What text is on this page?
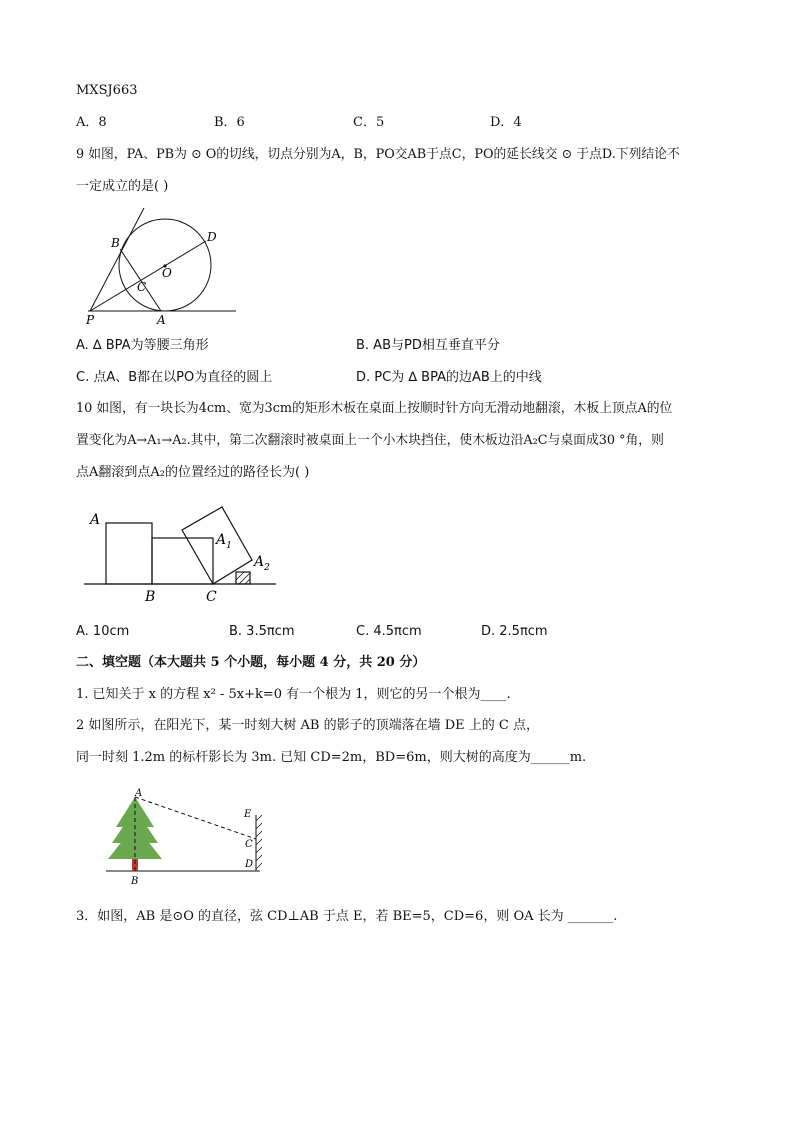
MXSJ663
A．8	B．6	C．5	D．4
9 如图，PA、PB为 ⊙ O的切线，切点分别为A，B，PO交AB于点C，PO的延长线交 ⊙ 于点D.下列结论不
一定成立的是( )
B	D
O
C
P	A
A. ∆ BPA为等腰三角形	B. AB与PD相互垂直平分
C. 点A、B都在以PO为直径的圆上	D. PC为 ∆ BPA的边AB上的中线
10 如图，有一块长为4cm、宽为3cm的矩形木板在桌面上按顺时针方向无滑动地翻滚，木板上顶点A的位
置变化为A→A₁→A₂.其中，第二次翻滚时被桌面上一个小木块挡住，使木板边沿A₂C与桌面成30 °角，则
点A翻滚到点A₂的位置经过的路径长为( )
A
$A_1$
$A_2$
B	C
A. 10cm	B. 3.5πcm	C. 4.5πcm	D. 2.5πcm
二、填空题（本大题共 5 个小题，每小题 4 分，共 20 分）
1. 已知关于 x 的方程 x² - 5x+k=0 有一个根为 1，则它的另一个根为____.
2 如图所示，在阳光下，某一时刻大树 AB 的影子的顶端落在墙 DE 上的 C 点，
同一时刻 1.2m 的标杆影长为 3m. 已知 CD=2m，BD=6m，则大树的高度为______m.
A
E
C
D
B
3．如图，AB 是⊙O 的直径，弦 CD⊥AB 于点 E，若 BE=5，CD=6，则 OA 长为 _______.
